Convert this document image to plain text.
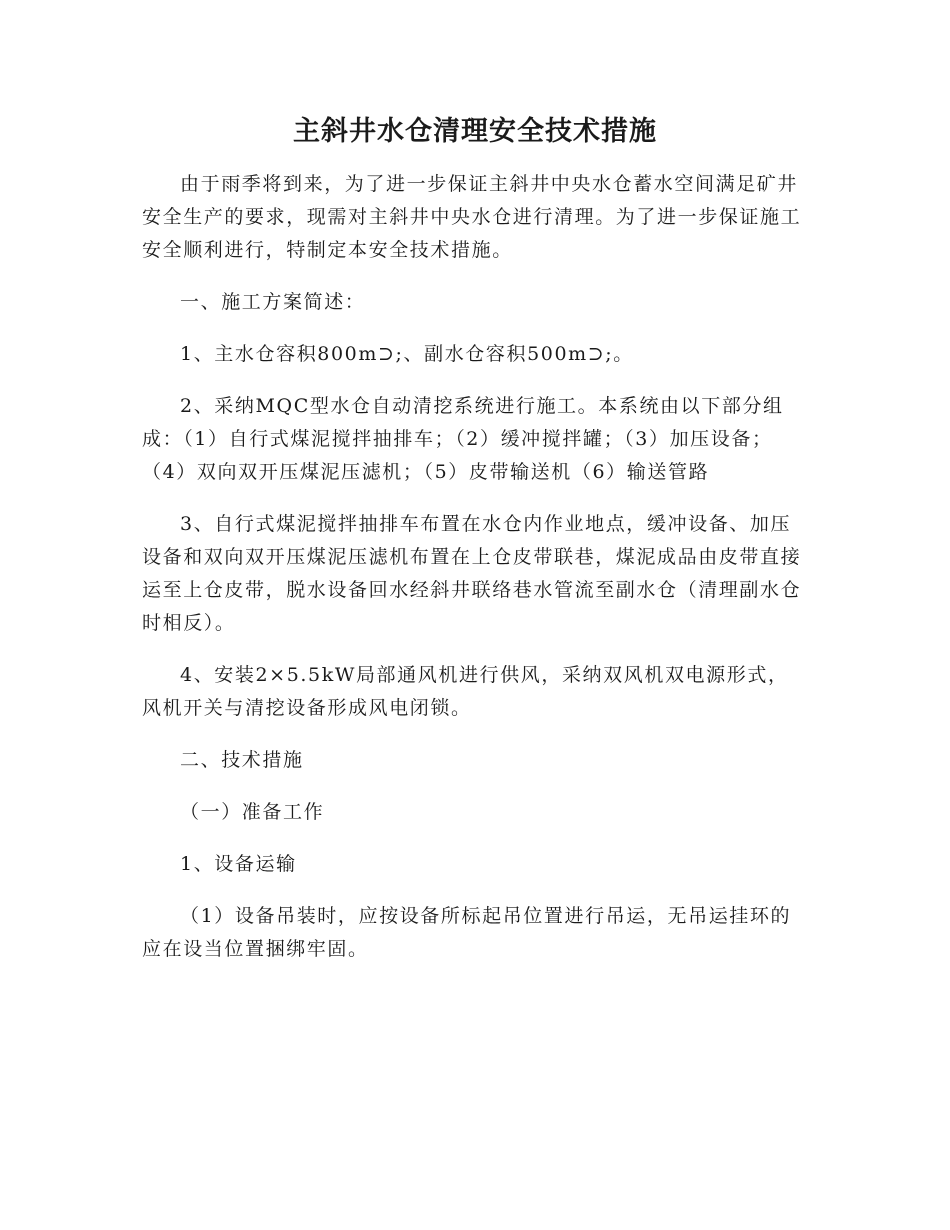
主斜井水仓清理安全技术措施

由于雨季将到来，为了进一步保证主斜井中央水仓蓄水空间满足矿井安全生产的要求，现需对主斜井中央水仓进行清理。为了进一步保证施工安全顺利进行，特制定本安全技术措施。

一、施工方案简述：

1、主水仓容积800m⊃;、副水仓容积500m⊃;。

2、采纳MQC型水仓自动清挖系统进行施工。本系统由以下部分组成：（1）自行式煤泥搅拌抽排车；（2）缓冲搅拌罐；（3）加压设备；（4）双向双开压煤泥压滤机；（5）皮带输送机（6）输送管路

3、自行式煤泥搅拌抽排车布置在水仓内作业地点，缓冲设备、加压设备和双向双开压煤泥压滤机布置在上仓皮带联巷，煤泥成品由皮带直接运至上仓皮带，脱水设备回水经斜井联络巷水管流至副水仓（清理副水仓时相反）。

4、安装2×5.5kW局部通风机进行供风，采纳双风机双电源形式，风机开关与清挖设备形成风电闭锁。

二、技术措施

（一）准备工作

1、设备运输

（1）设备吊装时，应按设备所标起吊位置进行吊运，无吊运挂环的应在设当位置捆绑牢固。
